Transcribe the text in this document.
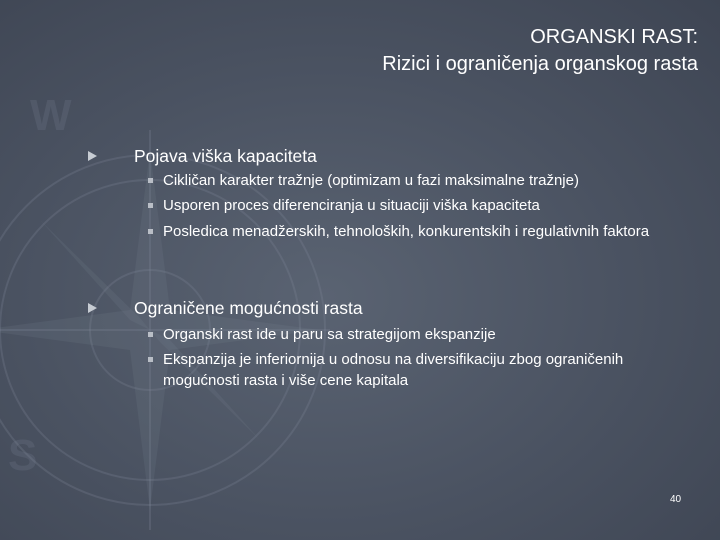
S
W
ORGANSKI RAST:
Rizici i ograničenja organskog rasta
Pojava viška kapaciteta
Cikličan karakter tražnje (optimizam u fazi maksimalne tražnje)
Usporen proces diferenciranja u situaciji viška kapaciteta
Posledica menadžerskih, tehnoloških, konkurentskih i regulativnih faktora
Ograničene mogućnosti rasta
Organski rast ide u paru sa strategijom ekspanzije
Ekspanzija je inferiornija u odnosu na diversifikaciju zbog ograničenih mogućnosti rasta i više cene kapitala
40
